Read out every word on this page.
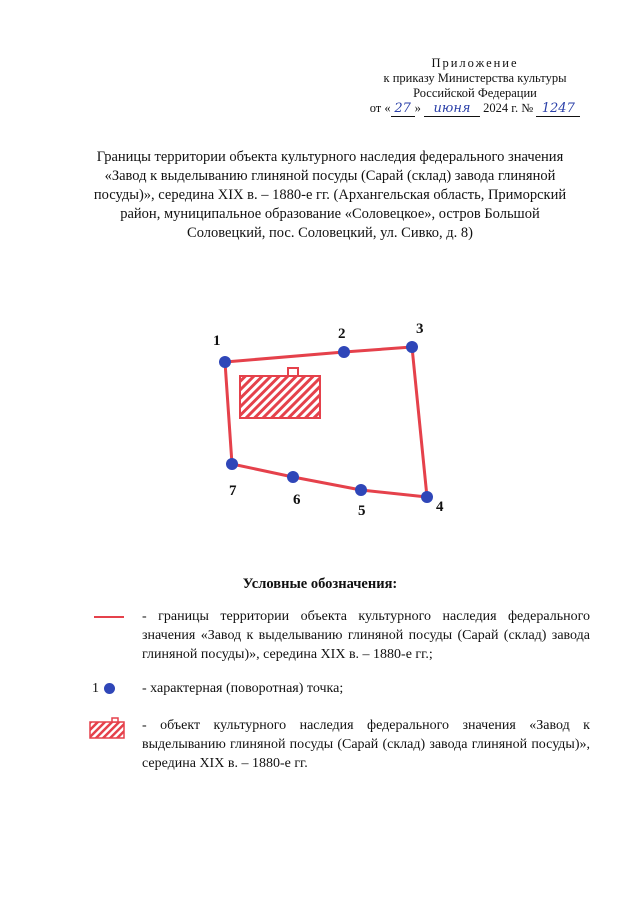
Приложение
к приказу Министерства культуры
Российской Федерации
от « 27 » июня 2024 г. № 1247
Границы территории объекта культурного наследия федерального значения
«Завод к выделыванию глиняной посуды (Сарай (склад) завода глиняной
посуды)», середина XIX в. – 1880-е гг. (Архангельская область, Приморский
район, муниципальное образование «Соловецкое», остров Большой
Соловецкий, пос. Соловецкий, ул. Сивко, д. 8)
1	2	3
4
5
6
7
Условные обозначения:
- границы территории объекта культурного наследия федерального значения «Завод к выделыванию глиняной посуды (Сарай (склад) завода глиняной посуды)», середина XIX в. – 1880-е гг.;
1	- характерная (поворотная) точка;
- объект культурного наследия федерального значения «Завод к выделыванию глиняной посуды (Сарай (склад) завода глиняной посуды)», середина XIX в. – 1880-е гг.
